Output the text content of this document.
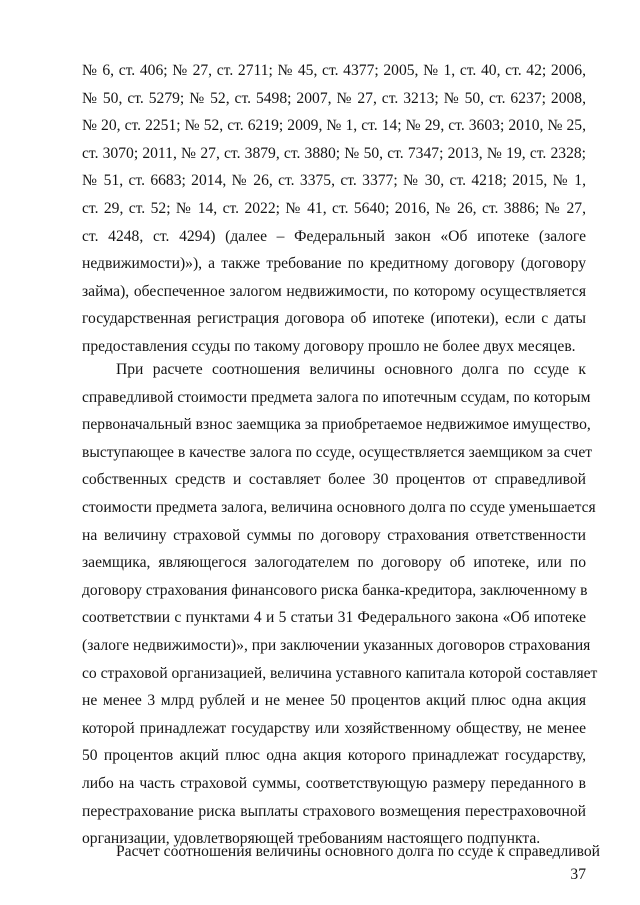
№ 6, ст. 406; № 27, ст. 2711; № 45, ст. 4377; 2005, № 1, ст. 40, ст. 42; 2006,
№ 50, ст. 5279; № 52, ст. 5498; 2007, № 27, ст. 3213; № 50, ст. 6237; 2008,
№ 20, ст. 2251; № 52, ст. 6219; 2009, № 1, ст. 14; № 29, ст. 3603; 2010, № 25,
ст. 3070; 2011, № 27, ст. 3879, ст. 3880; № 50, ст. 7347; 2013, № 19, ст. 2328;
№ 51, ст. 6683; 2014, № 26, ст. 3375, ст. 3377; № 30, ст. 4218; 2015, № 1,
ст. 29, ст. 52; № 14, ст. 2022; № 41, ст. 5640; 2016, № 26, ст. 3886; № 27,
ст. 4248, ст. 4294) (далее – Федеральный закон «Об ипотеке (залоге
недвижимости)»), а также требование по кредитному договору (договору
займа), обеспеченное залогом недвижимости, по которому осуществляется
государственная регистрация договора об ипотеке (ипотеки), если с даты
предоставления ссуды по такому договору прошло не более двух месяцев.
При расчете соотношения величины основного долга по ссуде к
справедливой стоимости предмета залога по ипотечным ссудам, по которым
первоначальный взнос заемщика за приобретаемое недвижимое имущество,
выступающее в качестве залога по ссуде, осуществляется заемщиком за счет
собственных средств и составляет более 30 процентов от справедливой
стоимости предмета залога, величина основного долга по ссуде уменьшается
на величину страховой суммы по договору страхования ответственности
заемщика, являющегося залогодателем по договору об ипотеке, или по
договору страхования финансового риска банка-кредитора, заключенному в
соответствии с пунктами 4 и 5 статьи 31 Федерального закона «Об ипотеке
(залоге недвижимости)», при заключении указанных договоров страхования
со страховой организацией, величина уставного капитала которой составляет
не менее 3 млрд рублей и не менее 50 процентов акций плюс одна акция
которой принадлежат государству или хозяйственному обществу, не менее
50 процентов акций плюс одна акция которого принадлежат государству,
либо на часть страховой суммы, соответствующую размеру переданного в
перестрахование риска выплаты страхового возмещения перестраховочной
организации, удовлетворяющей требованиям настоящего подпункта.
Расчет соотношения величины основного долга по ссуде к справедливой
37
